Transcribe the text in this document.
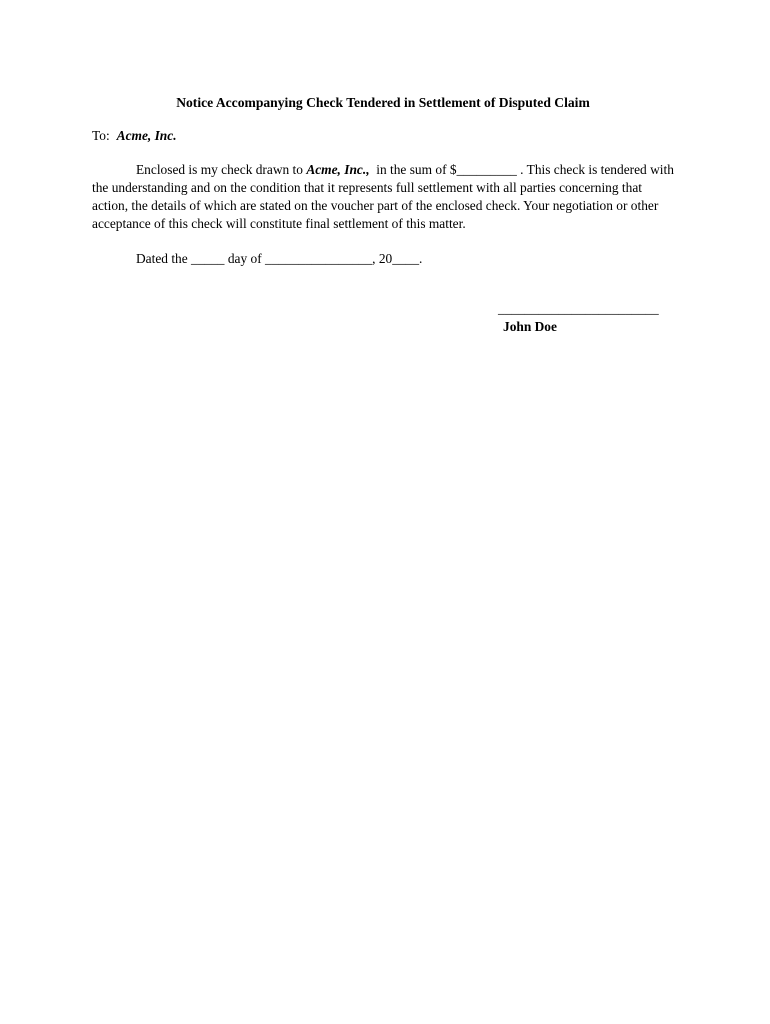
Notice Accompanying Check Tendered in Settlement of Disputed Claim
To: Acme, Inc.

Enclosed is my check drawn to Acme, Inc.,  in the sum of $_________ . This check is tendered with the understanding and on the condition that it represents full settlement with all parties concerning that action, the details of which are stated on the voucher part of the enclosed check. Your negotiation or other acceptance of this check will constitute final settlement of this matter.

Dated the _____ day of ________________, 20____.

________________________
John Doe
